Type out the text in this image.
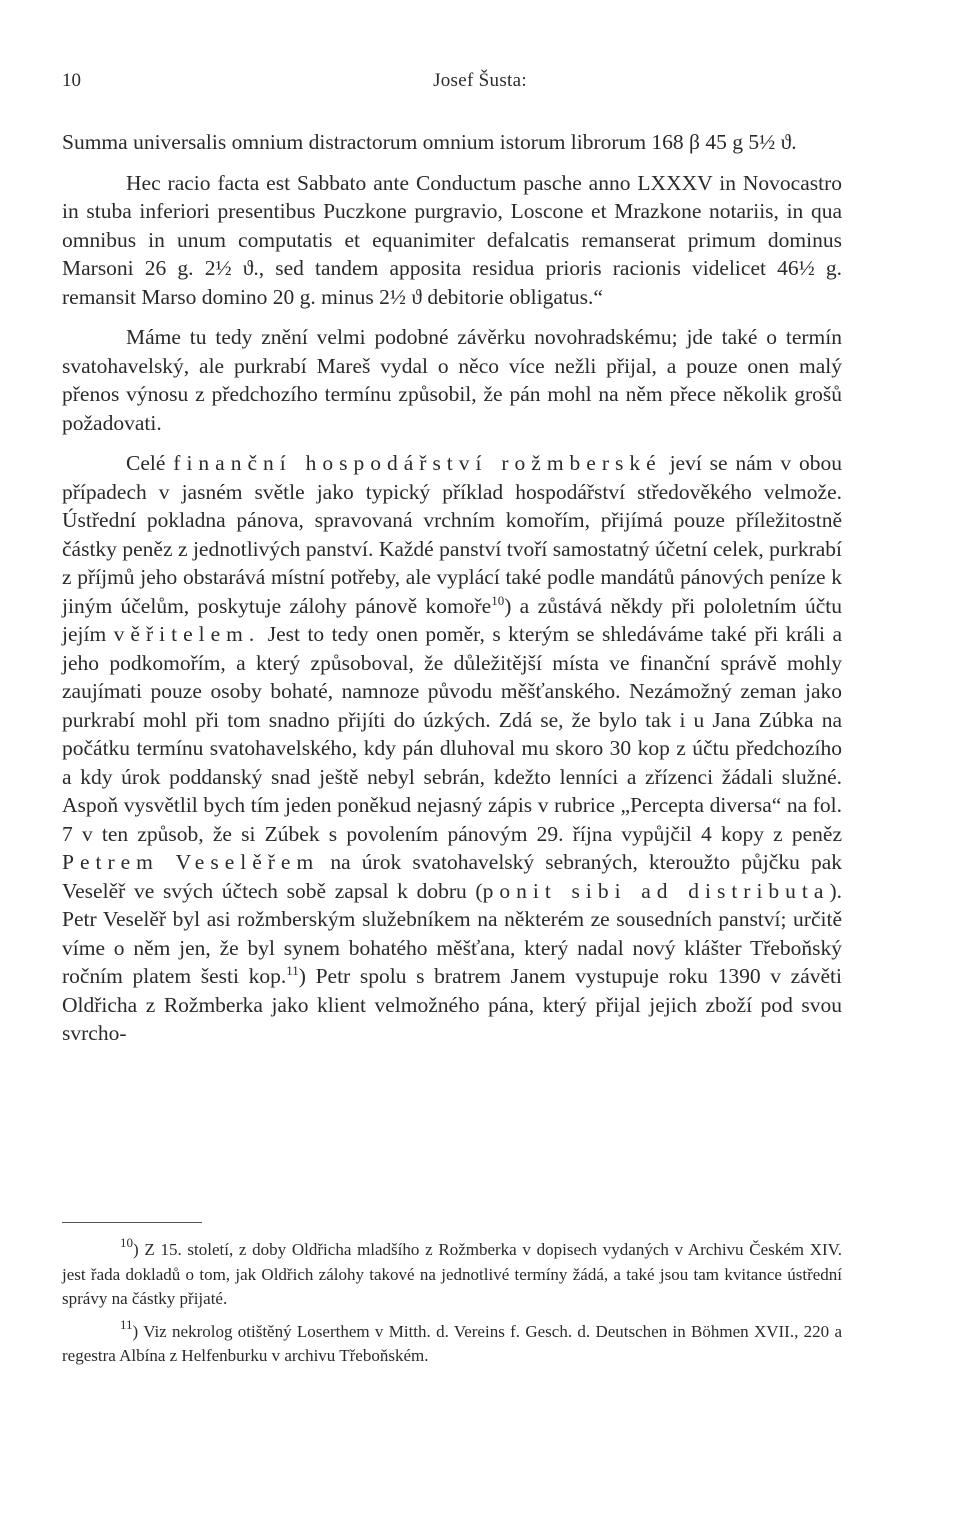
10	Josef Šusta:

Summa universalis omnium distractorum omnium istorum librorum 168 β 45 g 5½ ϑ.

Hec racio facta est Sabbato ante Conductum pasche anno LXXXV in Novocastro in stuba inferiori presentibus Puczkone purgravio, Loscone et Mrazkone notariis, in qua omnibus in unum computatis et equanimiter defalcatis remanserat primum dominus Marsoni 26 g. 2½ ϑ., sed tandem apposita residua prioris racionis videlicet 46½ g. remansit Marso domino 20 g. minus 2½ ϑ debitorie obligatus.“

Máme tu tedy znění velmi podobné závěrku novohradskému; jde také o termín svatohavelský, ale purkrabí Mareš vydal o něco více nežli přijal, a pouze onen malý přenos výnosu z předchozího termínu způsobil, že pán mohl na něm přece několik grošů požadovati.

Celé finanční hospodářství rožmberské jeví se nám v obou případech v jasném světle jako typický příklad hospodářství středověkého velmože. Ústřední pokladna pánova, spravovaná vrchním komořím, přijímá pouze příležitostně částky peněz z jednotlivých panství. Každé panství tvoří samostatný účetní celek, purkrabí z příjmů jeho obstarává místní potřeby, ale vyplácí také podle mandátů pánových peníze k jiným účelům, poskytuje zálohy pánově komoře$^{10}$) a zůstává někdy při pololetním účtu jejím věřitelem. Jest to tedy onen poměr, s kterým se shledáváme také při králi a jeho podkomořím, a který způsoboval, že důležitější místa ve finanční správě mohly zaujímati pouze osoby bohaté, namnoze původu měšťanského. Nezámožný zeman jako purkrabí mohl při tom snadno přijíti do úzkých. Zdá se, že bylo tak i u Jana Zúbka na počátku termínu svatohavelského, kdy pán dluhoval mu skoro 30 kop z účtu předchozího a kdy úrok poddanský snad ještě nebyl sebrán, kdežto lenníci a zřízenci žádali služné. Aspoň vysvětlil bych tím jeden poněkud nejasný zápis v rubrice „Percepta diversa“ na fol. 7 v ten způsob, že si Zúbek s povolením pánovým 29. října vypůjčil 4 kopy z peněz Petrem Veselěřem na úrok svatohavelský sebraných, kteroužto půjčku pak Veselěř ve svých účtech sobě zapsal k dobru (ponit sibi ad distributa). Petr Veselěř byl asi rožmberským služebníkem na některém ze sousedních panství; určitě víme o něm jen, že byl synem bohatého měšťana, který nadal nový klášter Třeboňský ročním platem šesti kop.$^{11}$) Petr spolu s bratrem Janem vystupuje roku 1390 v závěti Oldřicha z Rožmberka jako klient velmožného pána, který přijal jejich zboží pod svou svrcho-

$^{10}$) Z 15. století, z doby Oldřicha mladšího z Rožmberka v dopisech vydaných v Archivu Českém XIV. jest řada dokladů o tom, jak Oldřich zálohy takové na jednotlivé termíny žádá, a také jsou tam kvitance ústřední správy na částky přijaté.

$^{11}$) Viz nekrolog otištěný Loserthem v Mitth. d. Vereins f. Gesch. d. Deutschen in Böhmen XVII., 220 a regestra Albína z Helfenburku v archivu Třeboňském.
